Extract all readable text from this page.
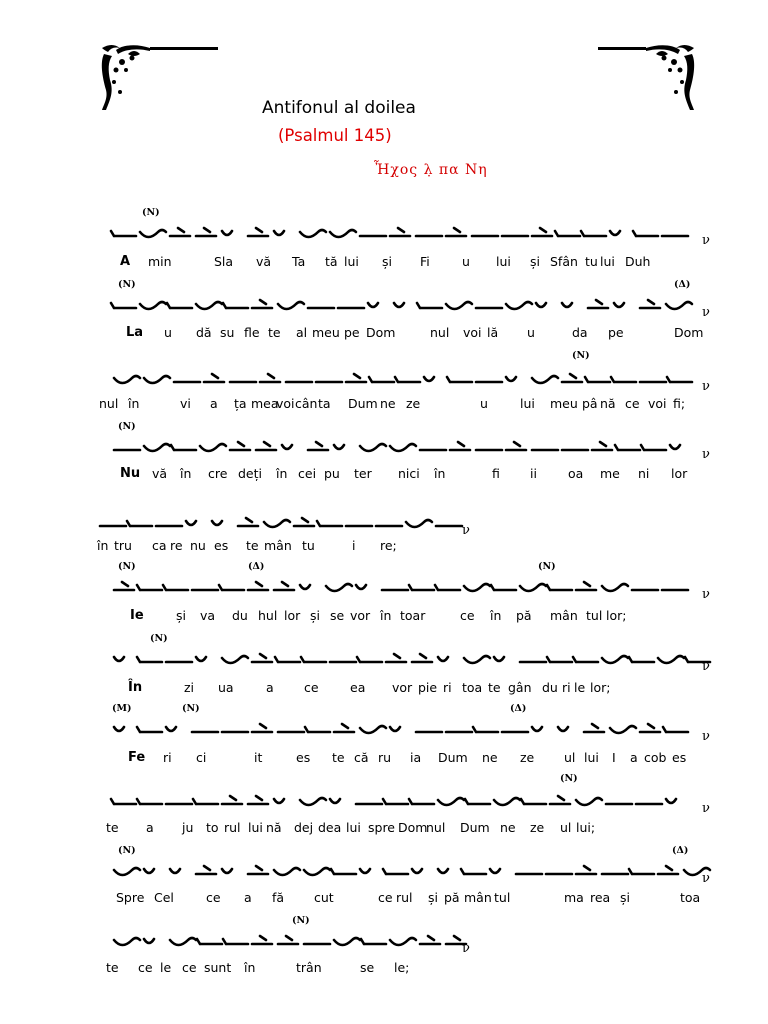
Antifonul al doilea
(Psalmul 145)
Ἦχος λ̣ πα Νη
ν
ν
ν
ν
ν
ν
ν
ν
ν
ν
ν
(N)
(N)	(Δ)
(N)
(N)
(N)	(Δ)	(N)
(N)
(M)	(N)	(Δ)
(N)
(N)	(Δ)
(N)
A min	Sla vă Ta tă lui și Fi	u lui și Sfân tu lui Duh
La u dă su fle te al meu pe Dom	nul voi lă u	da pe	Dom
nul în	vi a ța mea
voi cân ta Dum ne ze	u	lui meu pâ nă ce voi fi;
Nu vă în cre deți în cei pu ter nici în	fi ii oa me ni lor
în tru ca re nu es te mân tu	i re;
Ie	și va du hul lor și se vor în toar	ce în pă mân tul lor;
În	zi ua	a ce	ea vor pie ri toa te gân du ri le lor;
Fe ri ci	it	es te că ru ia Dum ne ze ul lui I a cob es
te a ju to rul lui nă dej dea lui spre Dom
nul Dum ne ze ul lui;
Spre Cel	ce a fă cut	ce rul și pă mân tul	ma rea și	toa
te ce le ce sunt în	trân	se le;
